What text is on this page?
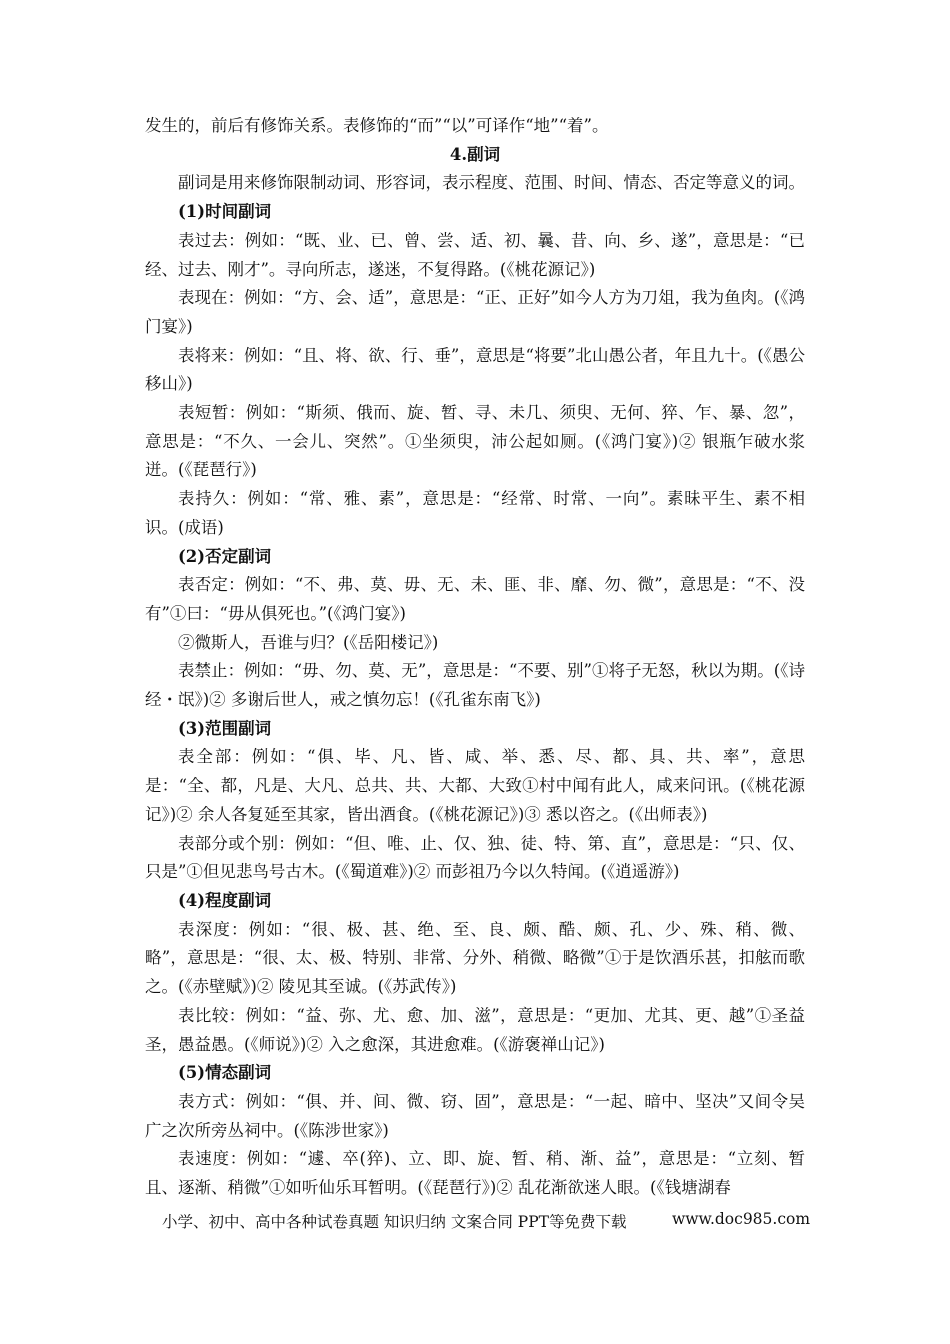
发生的，前后有修饰关系。表修饰的“而”“以”可译作“地”“着”。

4.副词

副词是用来修饰限制动词、形容词，表示程度、范围、时间、情态、否定等意义的词。

(1)时间副词

表过去：例如：“既、业、已、曾、尝、适、初、曩、昔、向、乡、遂”，意思是：“已经、过去、刚才”。寻向所志，遂迷，不复得路。(《桃花源记》)

表现在：例如：“方、会、适”，意思是：“正、正好”如今人方为刀俎，我为鱼肉。(《鸿门宴》)

表将来：例如：“且、将、欲、行、垂”，意思是“将要”北山愚公者，年且九十。(《愚公移山》)

表短暂：例如：“斯须、俄而、旋、暂、寻、未几、须臾、无何、猝、乍、暴、忽”，意思是：“不久、一会儿、突然”。①坐须臾，沛公起如厕。(《鸿门宴》)② 银瓶乍破水浆迸。(《琵琶行》)

表持久：例如：“常、雅、素”，意思是：“经常、时常、一向”。素昧平生、素不相识。(成语)

(2)否定副词

表否定：例如：“不、弗、莫、毋、无、未、匪、非、靡、勿、微”，意思是：“不、没有”①曰：“毋从俱死也。”(《鸿门宴》)

②微斯人，吾谁与归？(《岳阳楼记》)

表禁止：例如：“毋、勿、莫、无”，意思是：“不要、别”①将子无怒，秋以为期。(《诗经・氓》)② 多谢后世人，戒之慎勿忘！(《孔雀东南飞》)

(3)范围副词

表全部：例如：“俱、毕、凡、皆、咸、举、悉、尽、都、具、共、率”，意思是：“全、都，凡是、大凡、总共、共、大都、大致①村中闻有此人，咸来问讯。(《桃花源记》)② 余人各复延至其家，皆出酒食。(《桃花源记》)③ 悉以咨之。(《出师表》)

表部分或个别：例如：“但、唯、止、仅、独、徒、特、第、直”，意思是：“只、仅、只是”①但见悲鸟号古木。(《蜀道难》)② 而彭祖乃今以久特闻。(《逍遥游》)

(4)程度副词

表深度：例如：“很、极、甚、绝、至、良、颇、酷、颇、孔、少、殊、稍、微、略”，意思是：“很、太、极、特别、非常、分外、稍微、略微”①于是饮酒乐甚，扣舷而歌之。(《赤壁赋》)② 陵见其至诚。(《苏武传》)

表比较：例如：“益、弥、尤、愈、加、滋”，意思是：“更加、尤其、更、越”①圣益圣，愚益愚。(《师说》)② 入之愈深，其进愈难。(《游褒禅山记》)

(5)情态副词

表方式：例如：“俱、并、间、微、窃、固”，意思是：“一起、暗中、坚决”又间令吴广之次所旁丛祠中。(《陈涉世家》)

表速度：例如：“遽、卒(猝)、立、即、旋、暂、稍、渐、益”，意思是：“立刻、暂且、逐渐、稍微”①如听仙乐耳暂明。(《琵琶行》)② 乱花渐欲迷人眼。(《钱塘湖春

小学、初中、高中各种试卷真题 知识归纳 文案合同 PPT等免费下载	www.doc985.com
